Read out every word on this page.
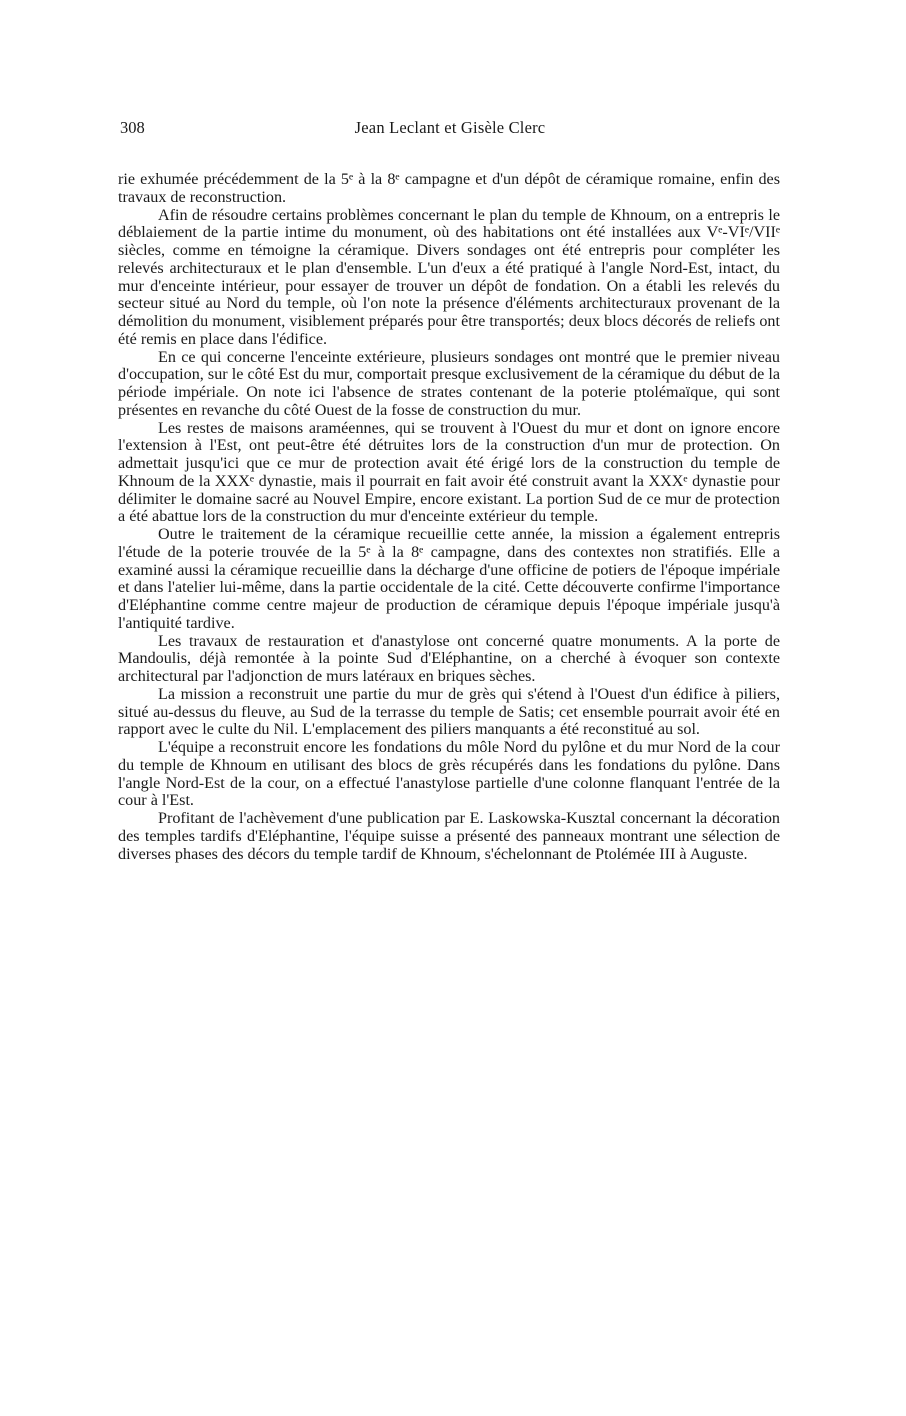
308	Jean Leclant et Gisèle Clerc

rie exhumée précédemment de la 5ᵉ à la 8ᵉ campagne et d'un dépôt de céramique romaine, enfin des travaux de reconstruction.

Afin de résoudre certains problèmes concernant le plan du temple de Khnoum, on a entrepris le déblaiement de la partie intime du monument, où des habitations ont été installées aux Vᵉ-VIᵉ/VIIᵉ siècles, comme en témoigne la céramique. Divers sondages ont été entrepris pour compléter les relevés architecturaux et le plan d'ensemble. L'un d'eux a été pratiqué à l'angle Nord-Est, intact, du mur d'enceinte intérieur, pour essayer de trouver un dépôt de fondation. On a établi les relevés du secteur situé au Nord du temple, où l'on note la présence d'éléments architecturaux provenant de la démolition du monument, visiblement préparés pour être transportés; deux blocs décorés de reliefs ont été remis en place dans l'édifice.

En ce qui concerne l'enceinte extérieure, plusieurs sondages ont montré que le premier niveau d'occupation, sur le côté Est du mur, comportait presque exclusivement de la céramique du début de la période impériale. On note ici l'absence de strates contenant de la poterie ptolémaïque, qui sont présentes en revanche du côté Ouest de la fosse de construction du mur.

Les restes de maisons araméennes, qui se trouvent à l'Ouest du mur et dont on ignore encore l'extension à l'Est, ont peut-être été détruites lors de la construction d'un mur de protection. On admettait jusqu'ici que ce mur de protection avait été érigé lors de la construction du temple de Khnoum de la XXXᵉ dynastie, mais il pourrait en fait avoir été construit avant la XXXᵉ dynastie pour délimiter le domaine sacré au Nouvel Empire, encore existant. La portion Sud de ce mur de protection a été abattue lors de la construction du mur d'enceinte extérieur du temple.

Outre le traitement de la céramique recueillie cette année, la mission a également entrepris l'étude de la poterie trouvée de la 5ᵉ à la 8ᵉ campagne, dans des contextes non stratifiés. Elle a examiné aussi la céramique recueillie dans la décharge d'une officine de potiers de l'époque impériale et dans l'atelier lui-même, dans la partie occidentale de la cité. Cette découverte confirme l'importance d'Eléphantine comme centre majeur de production de céramique depuis l'époque impériale jusqu'à l'antiquité tardive.

Les travaux de restauration et d'anastylose ont concerné quatre monuments. A la porte de Mandoulis, déjà remontée à la pointe Sud d'Eléphantine, on a cherché à évoquer son contexte architectural par l'adjonction de murs latéraux en briques sèches.

La mission a reconstruit une partie du mur de grès qui s'étend à l'Ouest d'un édifice à piliers, situé au-dessus du fleuve, au Sud de la terrasse du temple de Satis; cet ensemble pourrait avoir été en rapport avec le culte du Nil. L'emplacement des piliers manquants a été reconstitué au sol.

L'équipe a reconstruit encore les fondations du môle Nord du pylône et du mur Nord de la cour du temple de Khnoum en utilisant des blocs de grès récupérés dans les fondations du pylône. Dans l'angle Nord-Est de la cour, on a effectué l'anastylose partielle d'une colonne flanquant l'entrée de la cour à l'Est.

Profitant de l'achèvement d'une publication par E. Laskowska-Kusztal concernant la décoration des temples tardifs d'Eléphantine, l'équipe suisse a présenté des panneaux montrant une sélection de diverses phases des décors du temple tardif de Khnoum, s'échelonnant de Ptolémée III à Auguste.
